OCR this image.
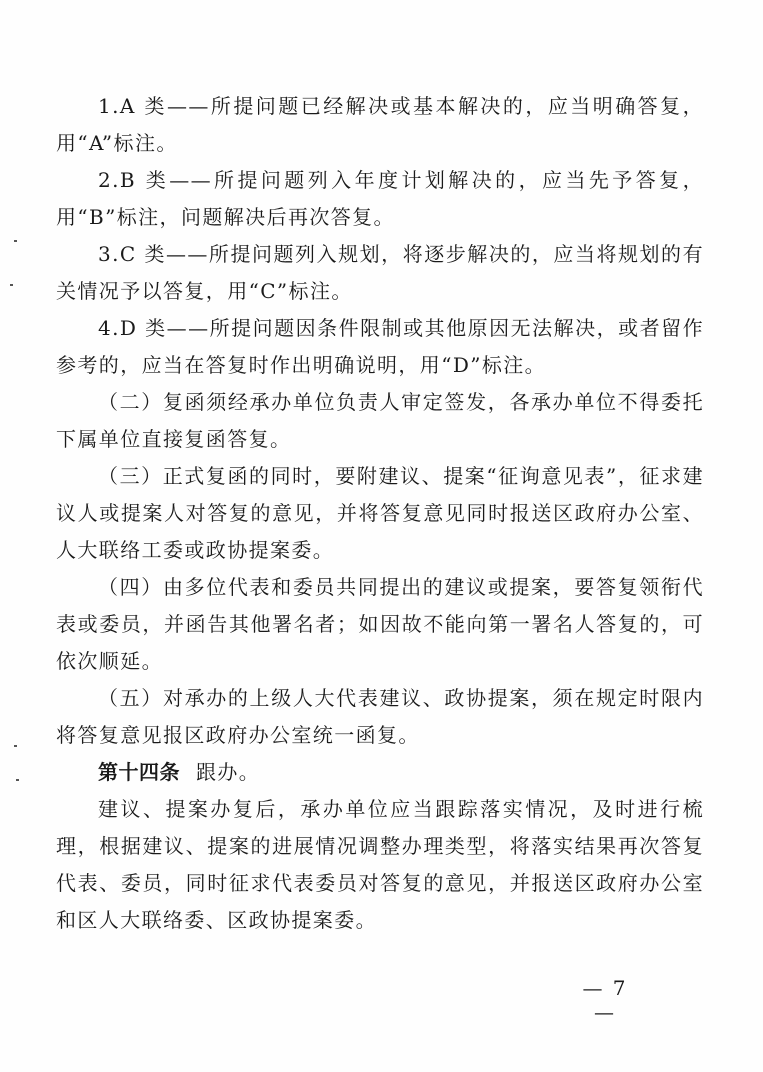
1.A 类——所提问题已经解决或基本解决的，应当明确答复，用“A”标注。

2.B 类——所提问题列入年度计划解决的，应当先予答复，用“B”标注，问题解决后再次答复。

3.C 类——所提问题列入规划，将逐步解决的，应当将规划的有关情况予以答复，用“C”标注。

4.D 类——所提问题因条件限制或其他原因无法解决，或者留作参考的，应当在答复时作出明确说明，用“D”标注。

（二）复函须经承办单位负责人审定签发，各承办单位不得委托下属单位直接复函答复。

（三）正式复函的同时，要附建议、提案“征询意见表”，征求建议人或提案人对答复的意见，并将答复意见同时报送区政府办公室、人大联络工委或政协提案委。

（四）由多位代表和委员共同提出的建议或提案，要答复领衔代表或委员，并函告其他署名者；如因故不能向第一署名人答复的，可依次顺延。

（五）对承办的上级人大代表建议、政协提案，须在规定时限内将答复意见报区政府办公室统一函复。

第十四条 跟办。

建议、提案办复后，承办单位应当跟踪落实情况，及时进行梳理，根据建议、提案的进展情况调整办理类型，将落实结果再次答复代表、委员，同时征求代表委员对答复的意见，并报送区政府办公室和区人大联络委、区政协提案委。

— 7 —
